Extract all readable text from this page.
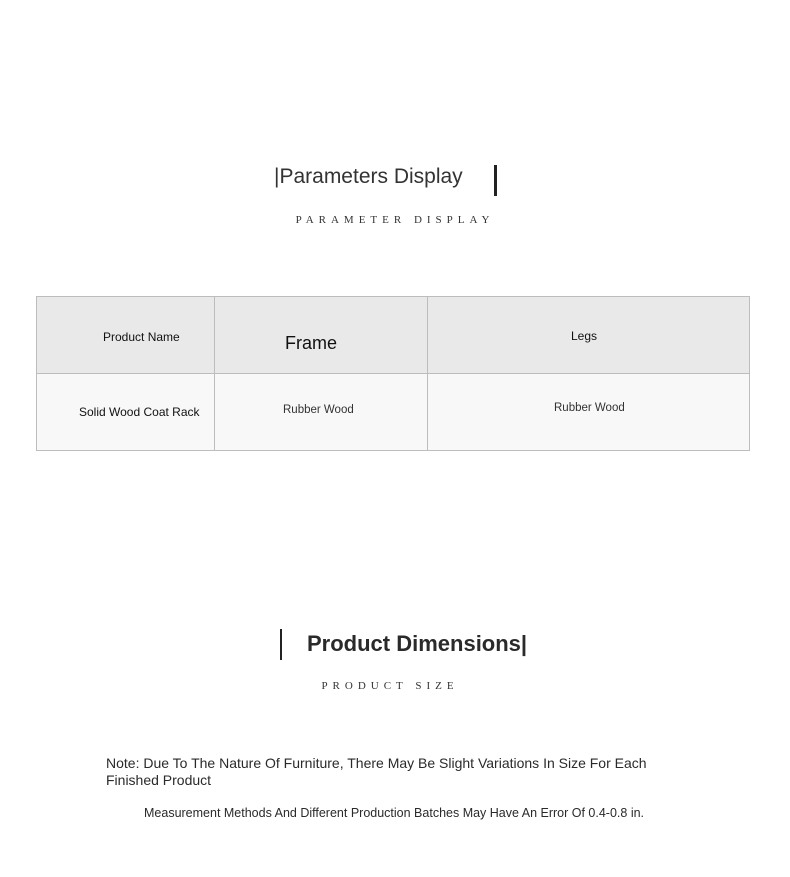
|Parameters Display
PARAMETER DISPLAY
Product Name	Frame	Legs
Solid Wood Coat Rack	Rubber Wood	Rubber Wood
Product Dimensions|
PRODUCT SIZE
Note: Due To The Nature Of Furniture, There May Be Slight Variations In Size For Each Finished Product
Measurement Methods And Different Production Batches May Have An Error Of 0.4-0.8 in.
